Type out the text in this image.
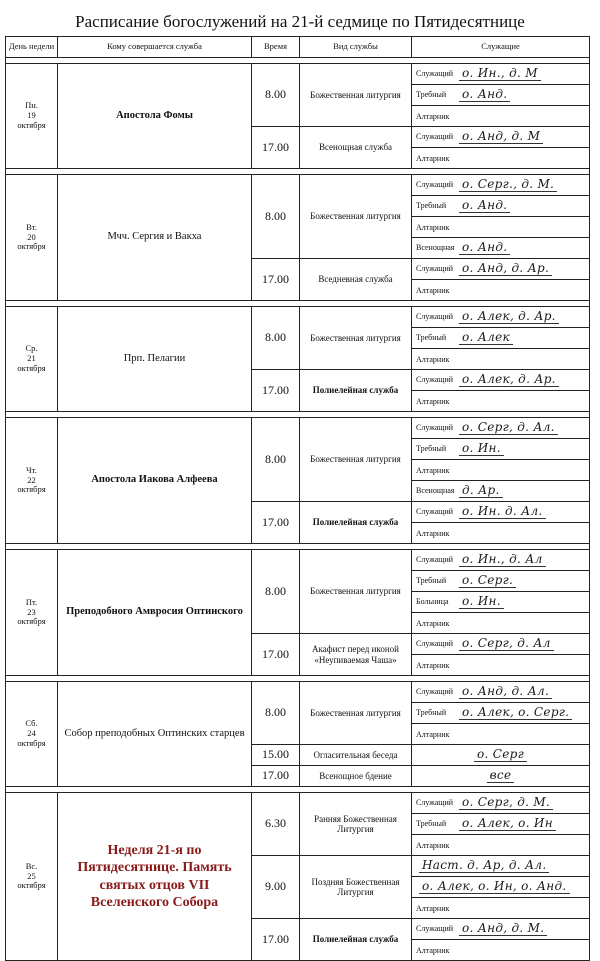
Расписание богослужений на 21-й седмице по Пятидесятнице
День недели	Кому совершается служба	Время	Вид службы	Служащие

Пн.
19
октября	Апостола Фомы	8.00	Божественная литургия	Служащий о. Ин., д. М
				Требный о. Анд.
				Алтарник
		17.00	Всенощная служба	Служащий о. Анд, д. М
				Алтарник

Вт.
20
октября	Мчч. Сергия и Вакха	8.00	Божественная литургия	Служащий о. Серг., д. М.
				Требный о. Анд.
				Алтарник
				Всенощная о. Анд.
		17.00	Вседневная служба	Служащий о. Анд, д. Ар.
				Алтарник

Ср.
21
октября	Прп. Пелагии	8.00	Божественная литургия	Служащий о. Алек, д. Ар.
				Требный о. Алек
				Алтарник
		17.00	Полиелейная служба	Служащий о. Алек, д. Ар.
				Алтарник

Чт.
22
октября	Апостола Иакова Алфеева	8.00	Божественная литургия	Служащий о. Серг, д. Ал.
				Требный о. Ин.
				Алтарник
				Всенощная д. Ар.
		17.00	Полиелейная служба	Служащий о. Ин. д. Ал.
				Алтарник

Пт.
23
октября	Преподобного Амвросия Оптинского	8.00	Божественная литургия	Служащий о. Ин., д. Ал
				Требный о. Серг.
				Больница о. Ин.
				Алтарник
		17.00	Акафист перед иконой «Неупиваемая Чаша»	Служащий о. Серг, д. Ал
				Алтарник

Сб.
24
октября	Собор преподобных Оптинских старцев	8.00	Божественная литургия	Служащий о. Анд, д. Ал.
				Требный о. Алек, о. Серг.
				Алтарник
		15.00	Огласительная беседа	о. Серг
		17.00	Всенощное бдение	все

Вс.
25
октября	Неделя 21-я по Пятидесятнице. Память святых отцов VII Вселенского Собора	6.30	Ранняя Божественная Литургия	Служащий о. Серг, д. М.
				Требный о. Алек, о. Ин
				Алтарник
		9.00	Поздняя Божественная Литургия	Наст. д. Ар, д. Ал.
				о. Алек, о. Ин, о. Анд.
				Алтарник
		17.00	Полиелейная служба	Служащий о. Анд, д. М.
				Алтарник
